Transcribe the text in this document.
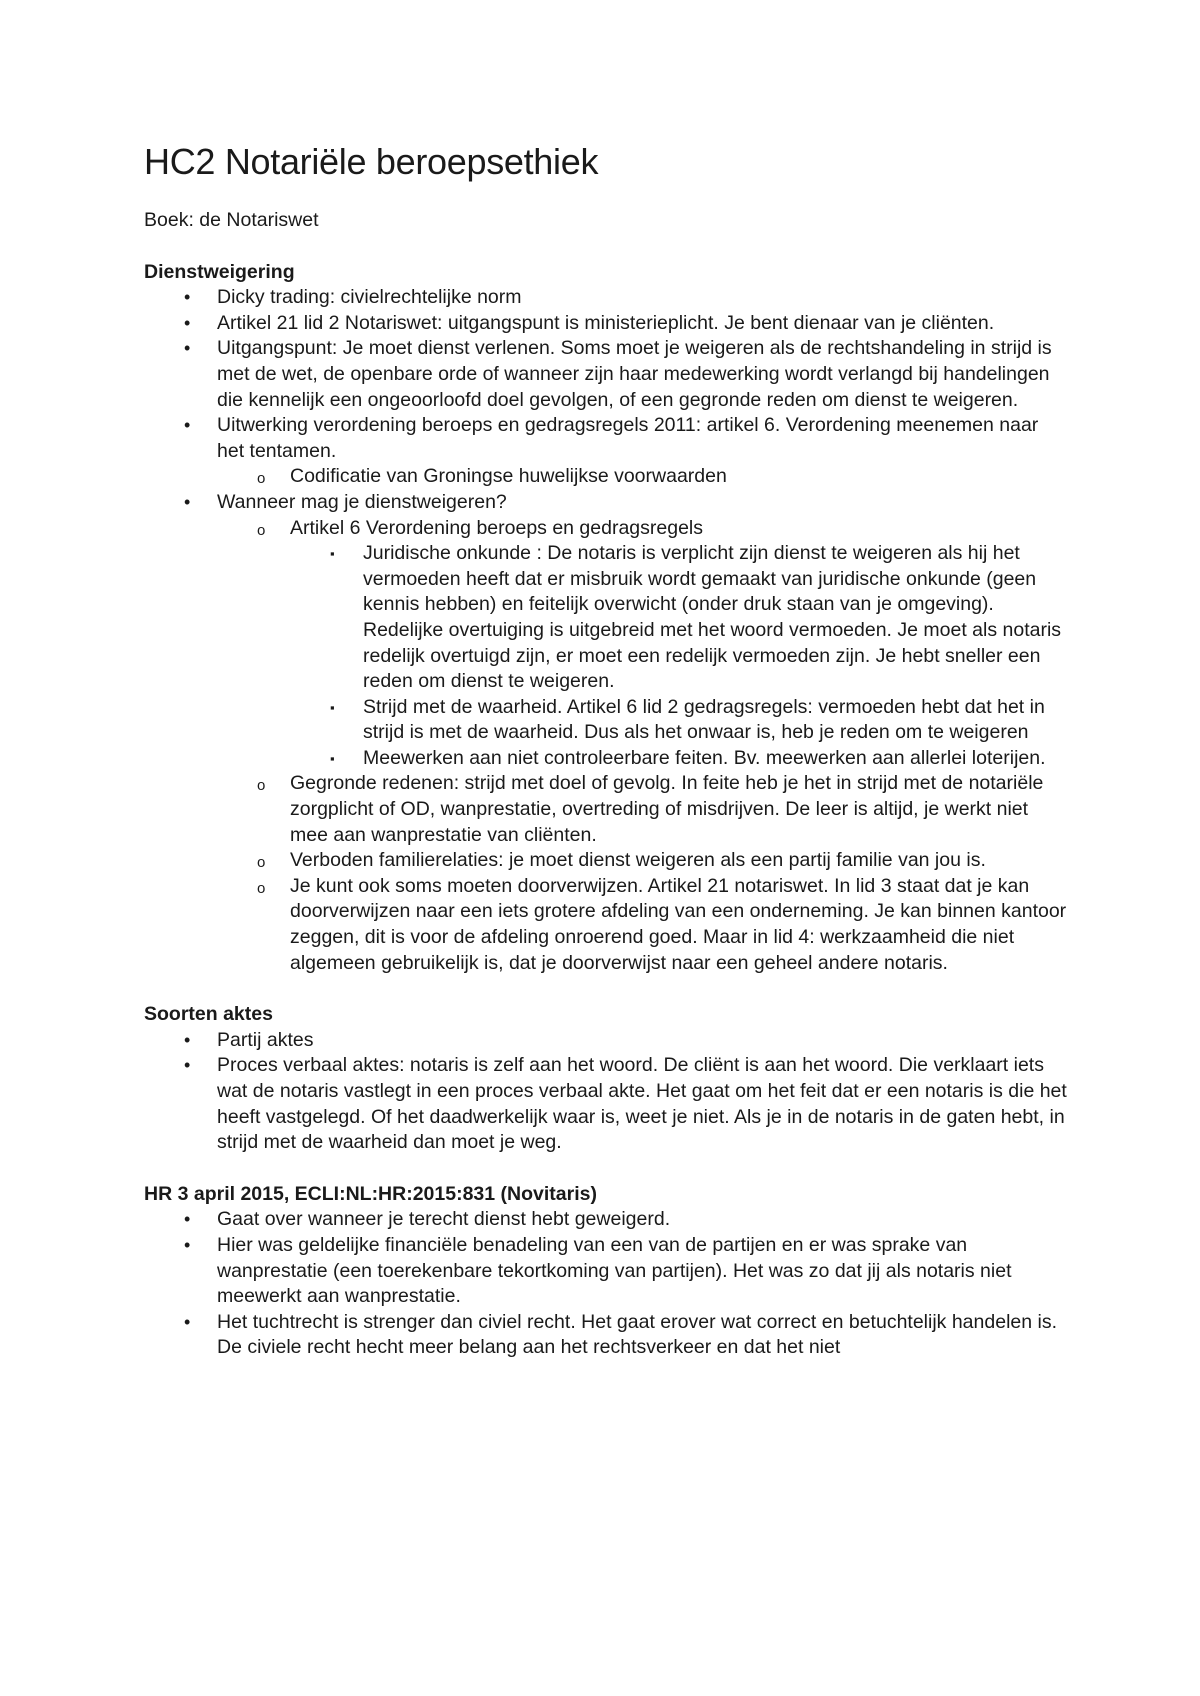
HC2 Notariële beroepsethiek
Boek: de Notariswet
Dienstweigering
• Dicky trading: civielrechtelijke norm
• Artikel 21 lid 2 Notariswet: uitgangspunt is ministerieplicht. Je bent dienaar van je cliënten.
• Uitgangspunt: Je moet dienst verlenen. Soms moet je weigeren als de rechtshandeling in strijd is met de wet, de openbare orde of wanneer zijn haar medewerking wordt verlangd bij handelingen die kennelijk een ongeoorloofd doel gevolgen, of een gegronde reden om dienst te weigeren.
• Uitwerking verordening beroeps en gedragsregels 2011: artikel 6. Verordening meenemen naar het tentamen.
o Codificatie van Groningse huwelijkse voorwaarden
• Wanneer mag je dienstweigeren?
o Artikel 6 Verordening beroeps en gedragsregels
▪ Juridische onkunde : De notaris is verplicht zijn dienst te weigeren als hij het vermoeden heeft dat er misbruik wordt gemaakt van juridische onkunde (geen kennis hebben) en feitelijk overwicht (onder druk staan van je omgeving). Redelijke overtuiging is uitgebreid met het woord vermoeden. Je moet als notaris redelijk overtuigd zijn, er moet een redelijk vermoeden zijn. Je hebt sneller een reden om dienst te weigeren.
▪ Strijd met de waarheid. Artikel 6 lid 2 gedragsregels: vermoeden hebt dat het in strijd is met de waarheid. Dus als het onwaar is, heb je reden om te weigeren
▪ Meewerken aan niet controleerbare feiten. Bv. meewerken aan allerlei loterijen.
o Gegronde redenen: strijd met doel of gevolg. In feite heb je het in strijd met de notariële zorgplicht of OD, wanprestatie, overtreding of misdrijven. De leer is altijd, je werkt niet mee aan wanprestatie van cliënten.
o Verboden familierelaties: je moet dienst weigeren als een partij familie van jou is.
o Je kunt ook soms moeten doorverwijzen. Artikel 21 notariswet. In lid 3 staat dat je kan doorverwijzen naar een iets grotere afdeling van een onderneming. Je kan binnen kantoor zeggen, dit is voor de afdeling onroerend goed. Maar in lid 4: werkzaamheid die niet algemeen gebruikelijk is, dat je doorverwijst naar een geheel andere notaris.
Soorten aktes
• Partij aktes
• Proces verbaal aktes: notaris is zelf aan het woord. De cliënt is aan het woord. Die verklaart iets wat de notaris vastlegt in een proces verbaal akte. Het gaat om het feit dat er een notaris is die het heeft vastgelegd. Of het daadwerkelijk waar is, weet je niet. Als je in de notaris in de gaten hebt, in strijd met de waarheid dan moet je weg.
HR 3 april 2015, ECLI:NL:HR:2015:831 (Novitaris)
• Gaat over wanneer je terecht dienst hebt geweigerd.
• Hier was geldelijke financiële benadeling van een van de partijen en er was sprake van wanprestatie (een toerekenbare tekortkoming van partijen). Het was zo dat jij als notaris niet meewerkt aan wanprestatie.
• Het tuchtrecht is strenger dan civiel recht. Het gaat erover wat correct en betuchtelijk handelen is. De civiele recht hecht meer belang aan het rechtsverkeer en dat het niet
